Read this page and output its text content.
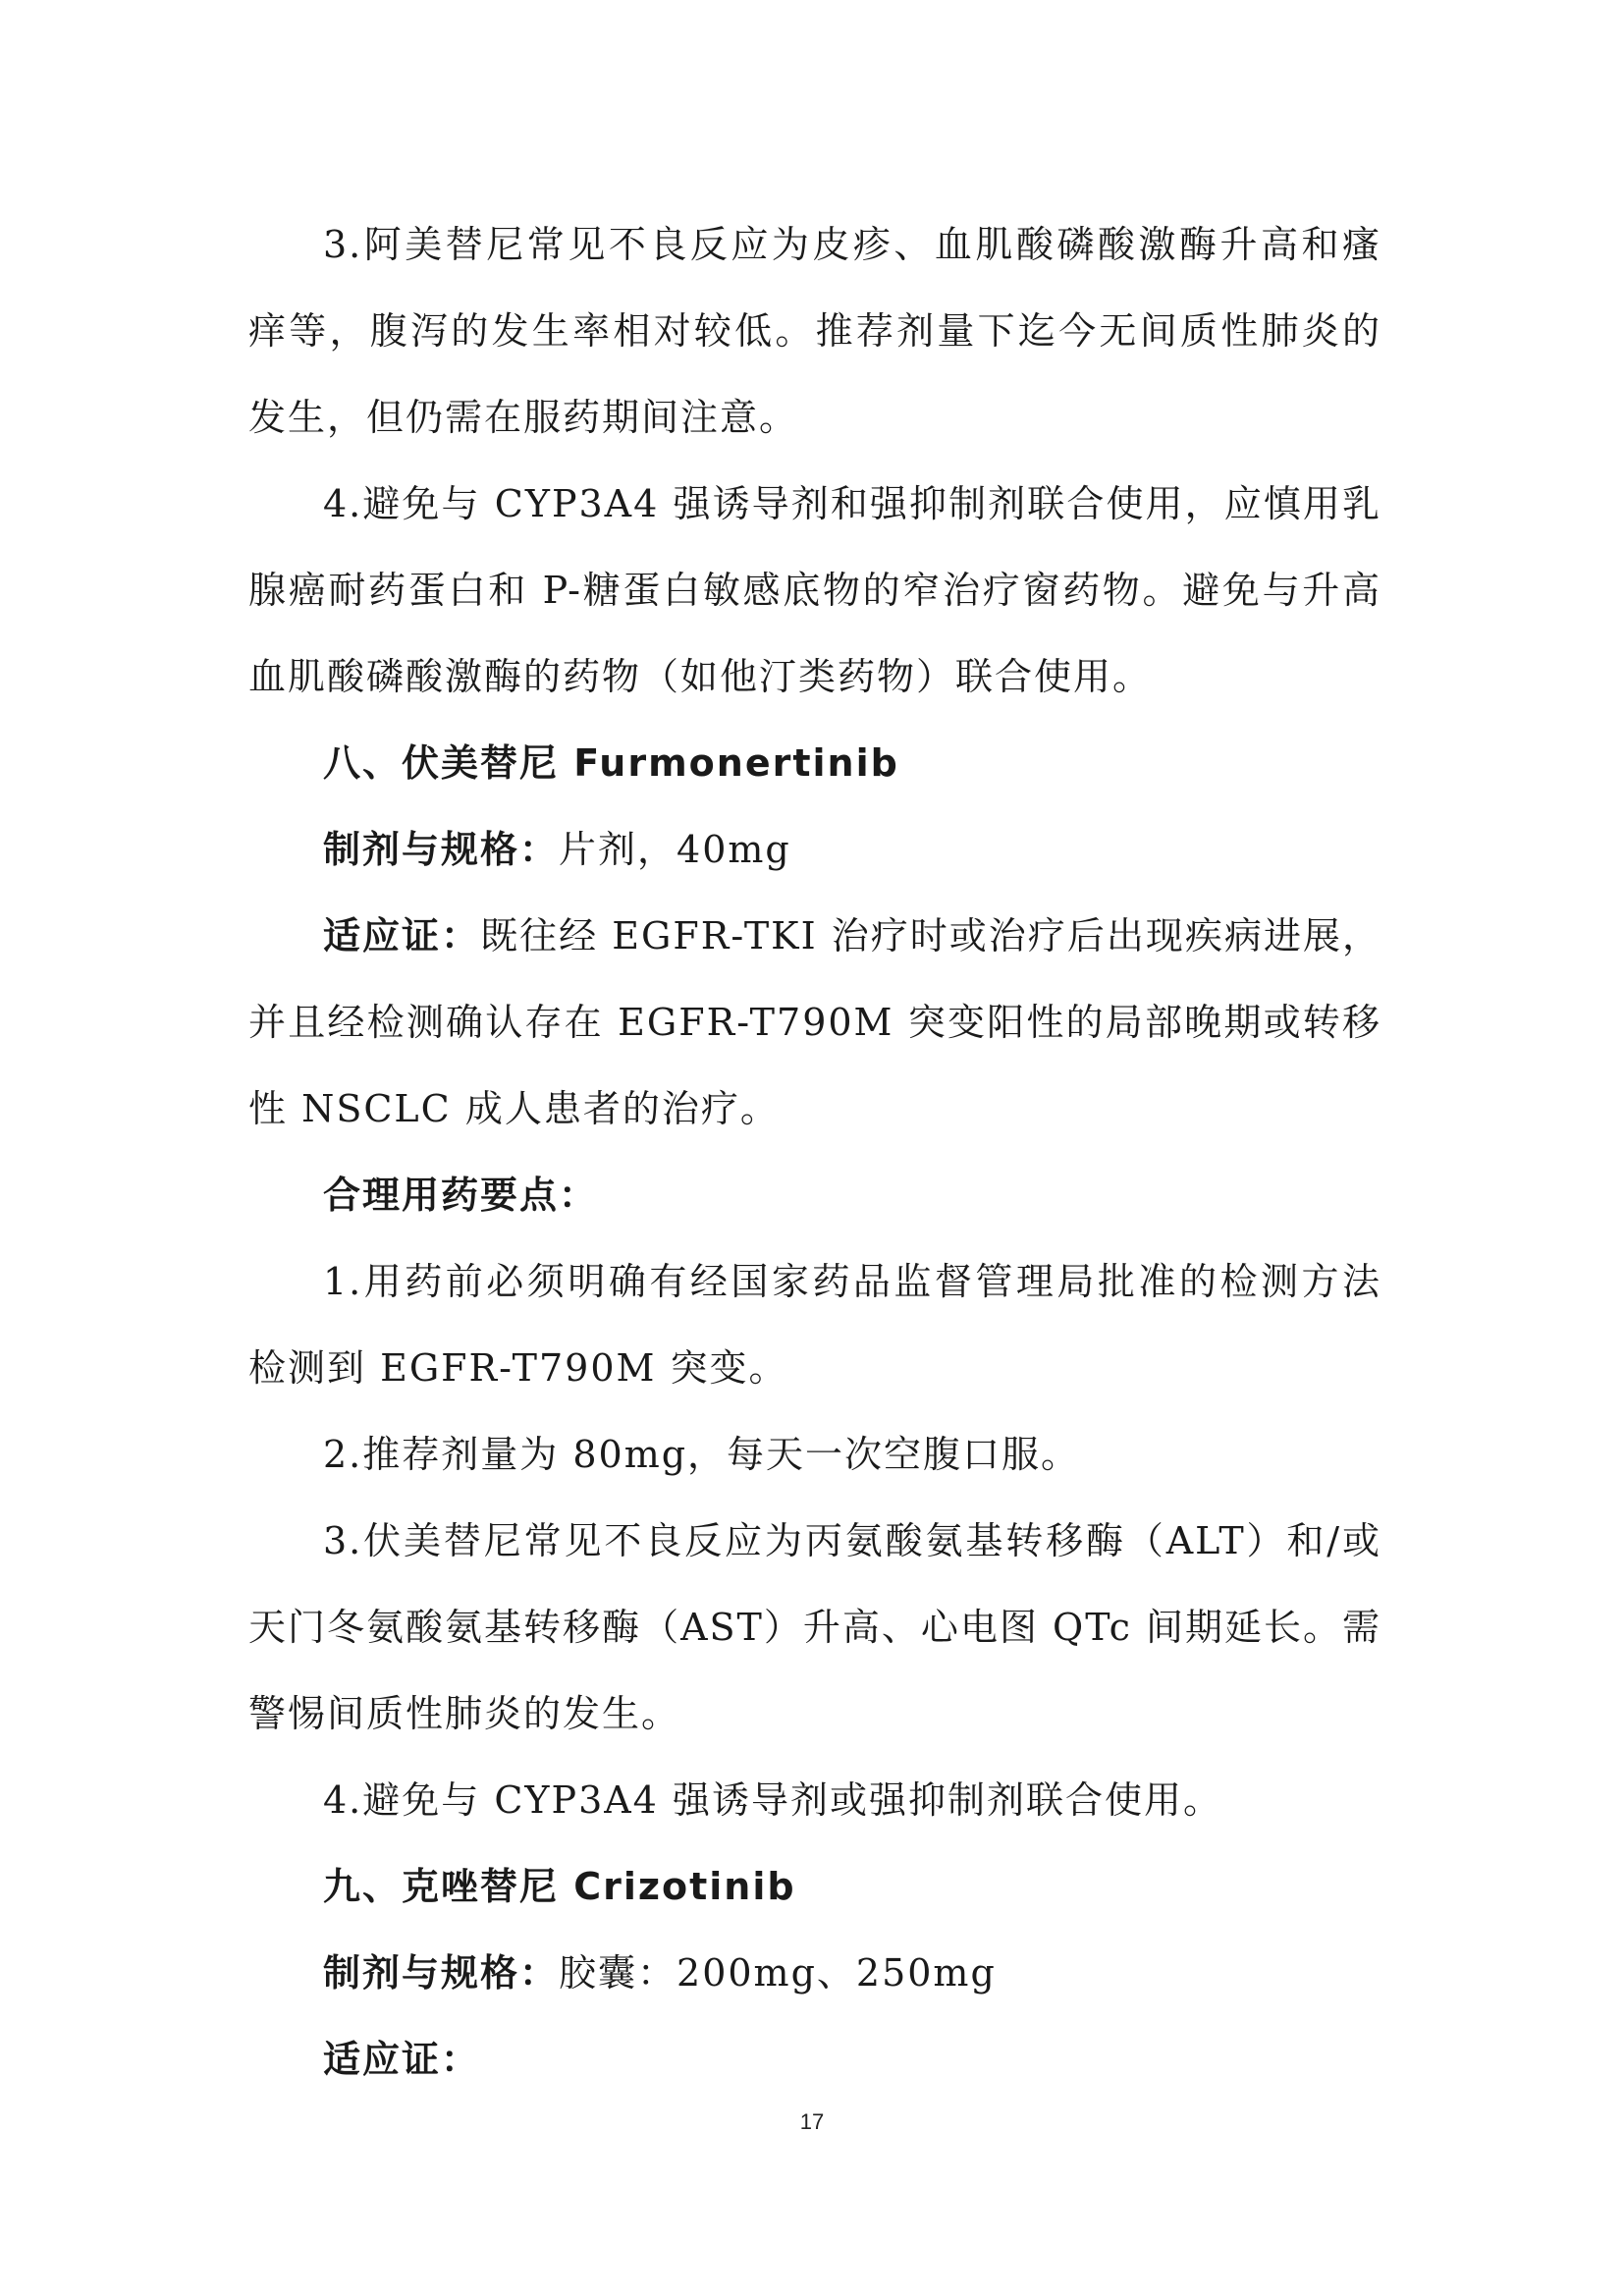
3.阿美替尼常见不良反应为皮疹、血肌酸磷酸激酶升高和瘙痒等，腹泻的发生率相对较低。推荐剂量下迄今无间质性肺炎的发生，但仍需在服药期间注意。

4.避免与 CYP3A4 强诱导剂和强抑制剂联合使用，应慎用乳腺癌耐药蛋白和 P-糖蛋白敏感底物的窄治疗窗药物。避免与升高血肌酸磷酸激酶的药物（如他汀类药物）联合使用。

八、伏美替尼 Furmonertinib

制剂与规格：片剂，40mg

适应证：既往经 EGFR-TKI 治疗时或治疗后出现疾病进展，并且经检测确认存在 EGFR-T790M 突变阳性的局部晚期或转移性 NSCLC 成人患者的治疗。

合理用药要点：

1.用药前必须明确有经国家药品监督管理局批准的检测方法检测到 EGFR-T790M 突变。

2.推荐剂量为 80mg，每天一次空腹口服。

3.伏美替尼常见不良反应为丙氨酸氨基转移酶（ALT）和/或天门冬氨酸氨基转移酶（AST）升高、心电图 QTc 间期延长。需警惕间质性肺炎的发生。

4.避免与 CYP3A4 强诱导剂或强抑制剂联合使用。

九、克唑替尼 Crizotinib

制剂与规格：胶囊：200mg、250mg

适应证：

17
